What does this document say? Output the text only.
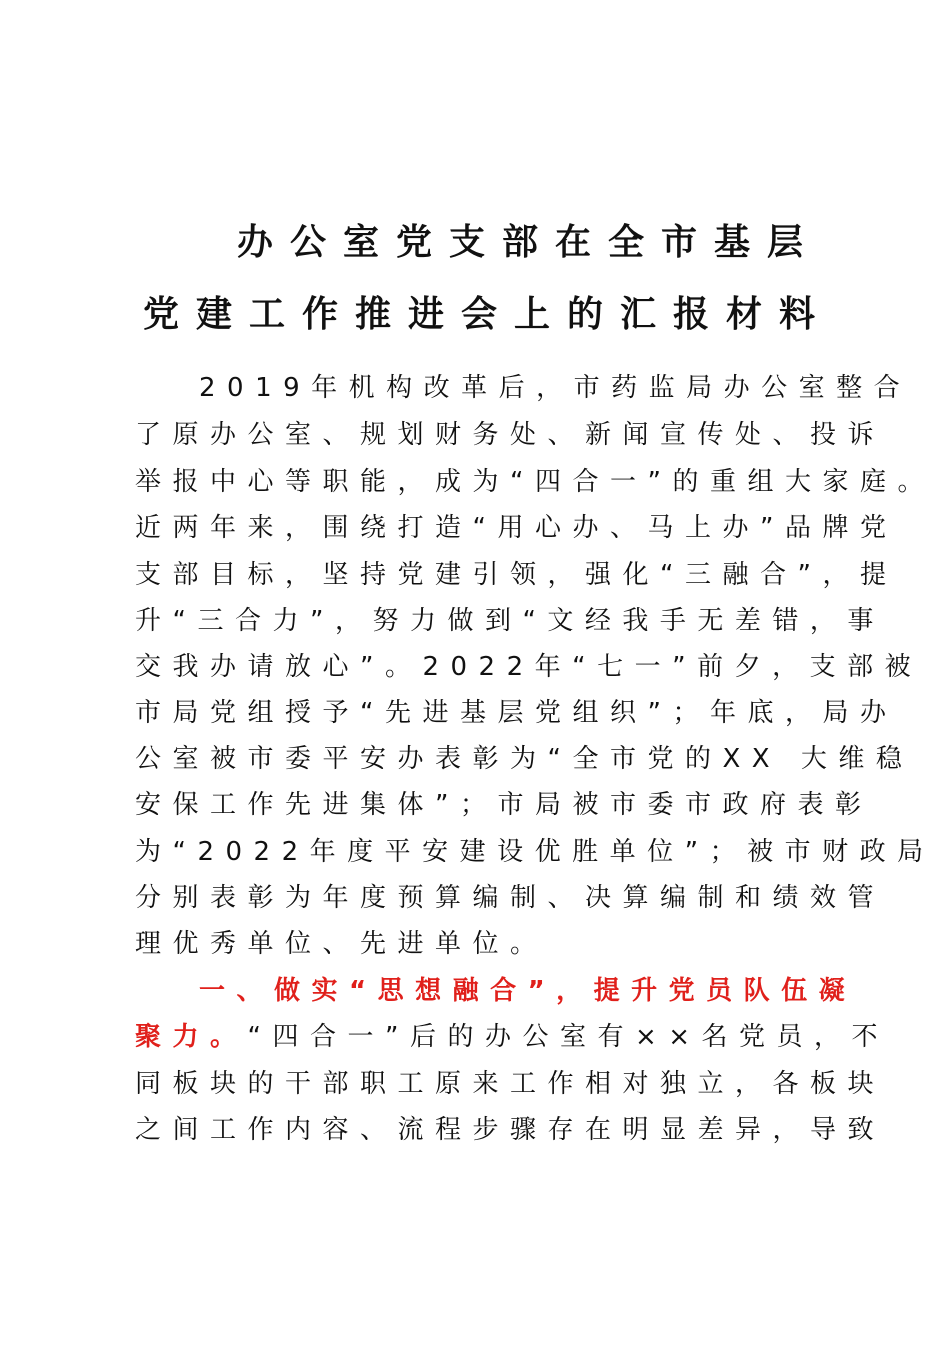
办公室党支部在全市基层
党建工作推进会上的汇报材料
2019年机构改革后，市药监局办公室整合
了原办公室、规划财务处、新闻宣传处、投诉
举报中心等职能，成为“四合一”的重组大家庭。
近两年来，围绕打造“用心办、马上办”品牌党
支部目标，坚持党建引领，强化“三融合”，提
升“三合力”，努力做到“文经我手无差错，事
交我办请放心”。2022年“七一”前夕，支部被
市局党组授予“先进基层党组织”；年底，局办
公室被市委平安办表彰为“全市党的XX 大维稳
安保工作先进集体”；市局被市委市政府表彰
为“2022年度平安建设优胜单位”；被市财政局
分别表彰为年度预算编制、决算编制和绩效管
理优秀单位、先进单位。
一、做实“思想融合”，提升党员队伍凝
聚力。“四合一”后的办公室有××名党员，不
同板块的干部职工原来工作相对独立，各板块
之间工作内容、流程步骤存在明显差异，导致
